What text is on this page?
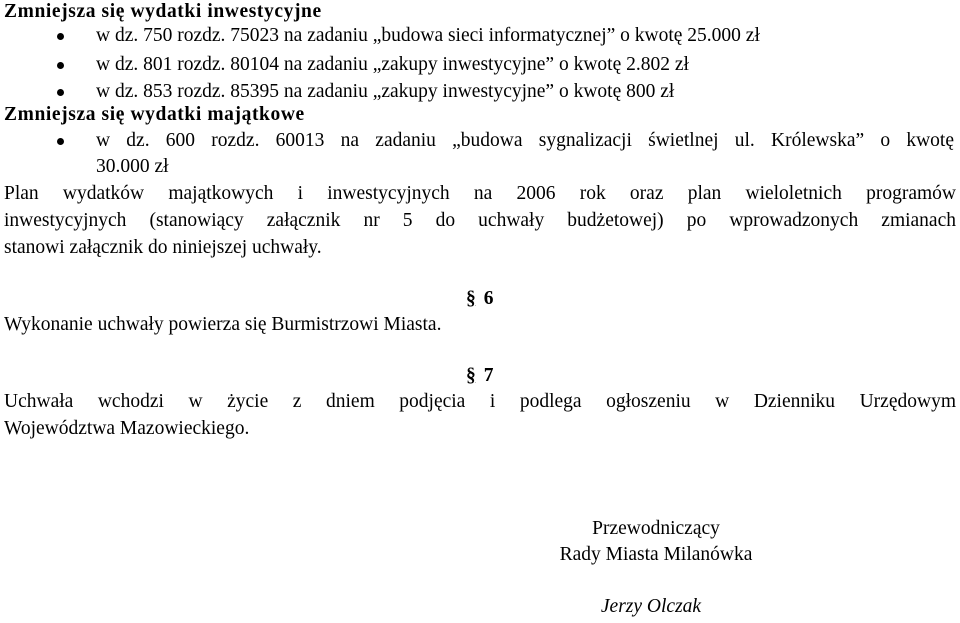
Zmniejsza się wydatki inwestycyjne
w dz. 750 rozdz. 75023 na zadaniu „budowa sieci informatycznej” o kwotę 25.000 zł
w dz. 801 rozdz. 80104 na zadaniu „zakupy inwestycyjne” o kwotę 2.802 zł
w dz. 853 rozdz. 85395 na zadaniu „zakupy inwestycyjne” o kwotę 800 zł
Zmniejsza się wydatki majątkowe
w dz. 600 rozdz. 60013 na zadaniu „budowa sygnalizacji świetlnej ul. Królewska” o kwotę
30.000 zł
Plan wydatków majątkowych i inwestycyjnych na 2006 rok oraz plan wieloletnich programów
inwestycyjnych (stanowiący załącznik nr 5 do uchwały budżetowej) po wprowadzonych zmianach
stanowi załącznik do niniejszej uchwały.
§ 6
Wykonanie uchwały powierza się Burmistrzowi Miasta.
§ 7
Uchwała wchodzi w życie z dniem podjęcia i podlega ogłoszeniu w Dzienniku Urzędowym
Województwa Mazowieckiego.
Przewodniczący
Rady Miasta Milanówka
Jerzy Olczak
